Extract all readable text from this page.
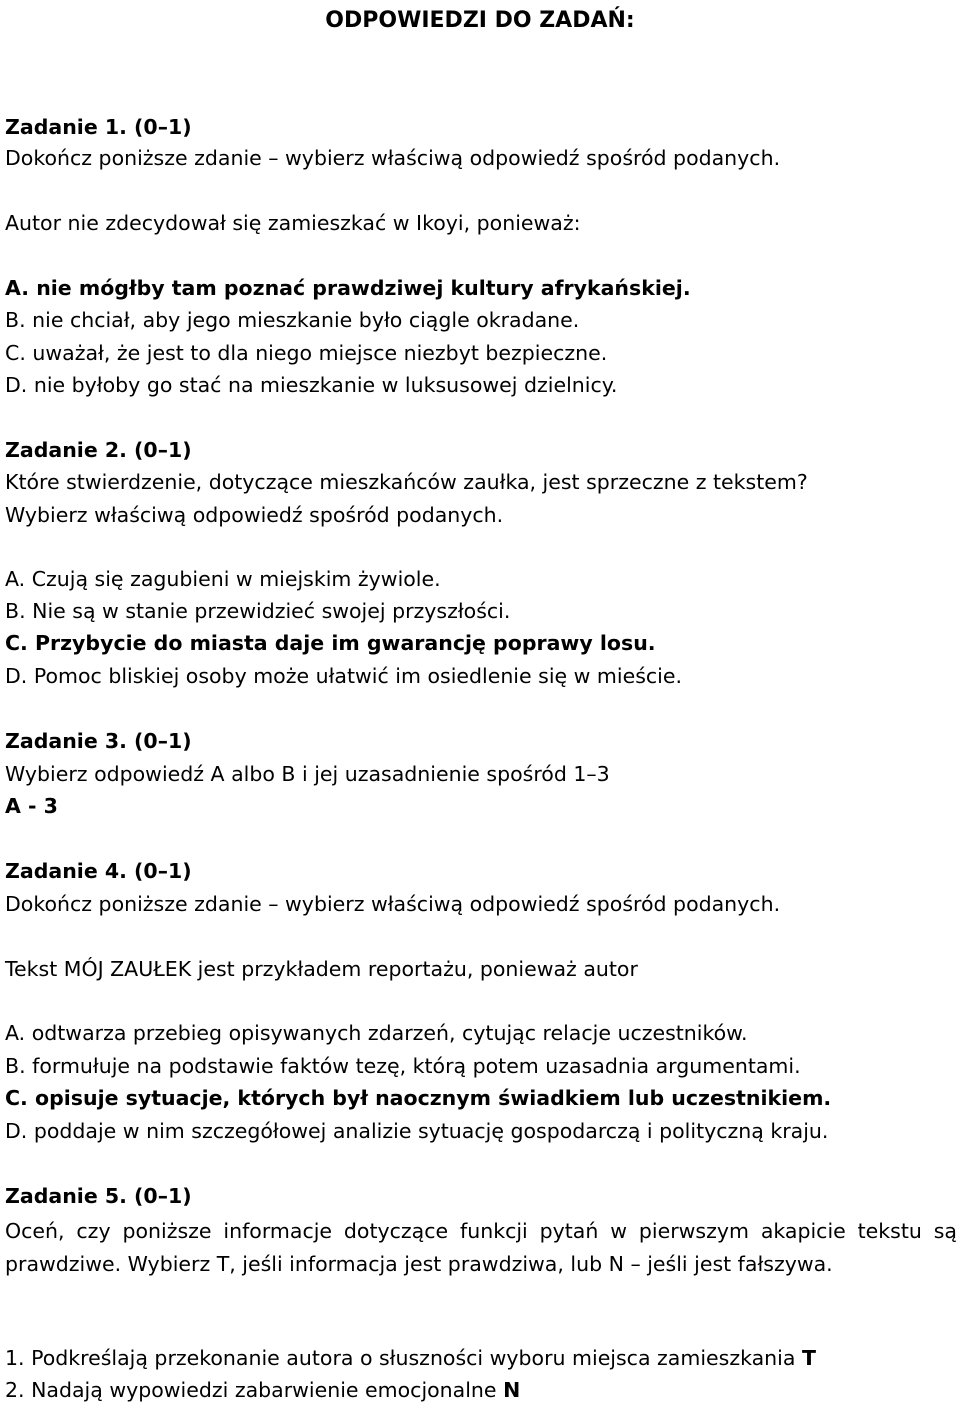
ODPOWIEDZI DO ZADAŃ:
Zadanie 1. (0–1)
Dokończ poniższe zdanie – wybierz właściwą odpowiedź spośród podanych.
Autor nie zdecydował się zamieszkać w Ikoyi, ponieważ:
A. nie mógłby tam poznać prawdziwej kultury afrykańskiej.
B. nie chciał, aby jego mieszkanie było ciągle okradane.
C. uważał, że jest to dla niego miejsce niezbyt bezpieczne.
D. nie byłoby go stać na mieszkanie w luksusowej dzielnicy.
Zadanie 2. (0–1)
Które stwierdzenie, dotyczące mieszkańców zaułka, jest sprzeczne z tekstem?
Wybierz właściwą odpowiedź spośród podanych.
A. Czują się zagubieni w miejskim żywiole.
B. Nie są w stanie przewidzieć swojej przyszłości.
C. Przybycie do miasta daje im gwarancję poprawy losu.
D. Pomoc bliskiej osoby może ułatwić im osiedlenie się w mieście.
Zadanie 3. (0–1)
Wybierz odpowiedź A albo B i jej uzasadnienie spośród 1–3
A - 3
Zadanie 4. (0–1)
Dokończ poniższe zdanie – wybierz właściwą odpowiedź spośród podanych.
Tekst MÓJ ZAUŁEK jest przykładem reportażu, ponieważ autor
A. odtwarza przebieg opisywanych zdarzeń, cytując relacje uczestników.
B. formułuje na podstawie faktów tezę, którą potem uzasadnia argumentami.
C. opisuje sytuacje, których był naocznym świadkiem lub uczestnikiem.
D. poddaje w nim szczegółowej analizie sytuację gospodarczą i polityczną kraju.
Zadanie 5. (0–1)
Oceń, czy poniższe informacje dotyczące funkcji pytań w pierwszym akapicie tekstu są prawdziwe. Wybierz T, jeśli informacja jest prawdziwa, lub N – jeśli jest fałszywa.
1. Podkreślają przekonanie autora o słuszności wyboru miejsca zamieszkania T
2. Nadają wypowiedzi zabarwienie emocjonalne N
